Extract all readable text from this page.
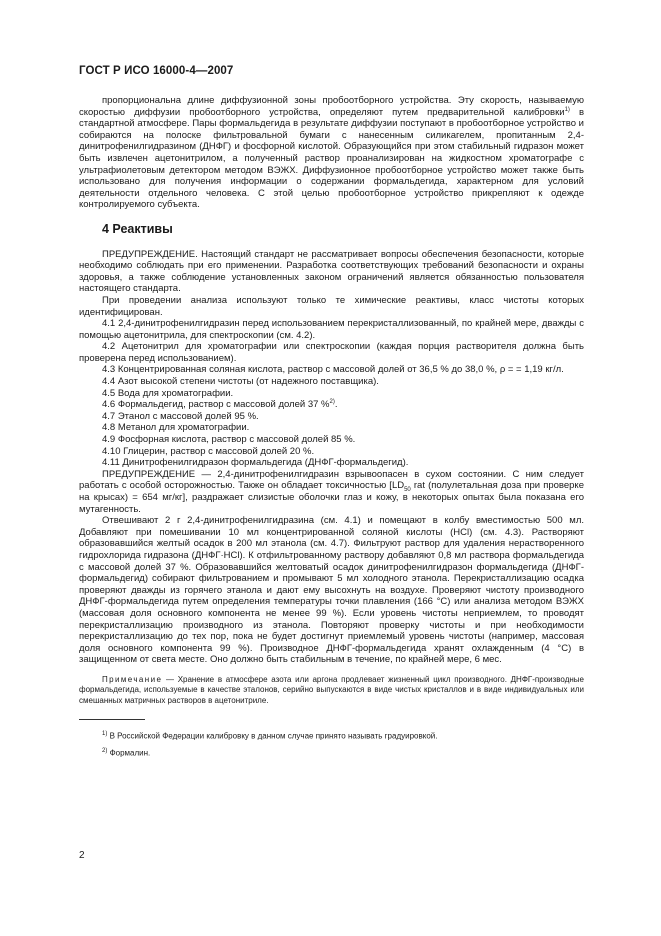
ГОСТ Р ИСО 16000-4—2007

пропорциональна длине диффузионной зоны пробоотборного устройства. Эту скорость, называемую скоростью диффузии пробоотборного устройства, определяют путем предварительной калибровки$^{1)}$ в стандартной атмосфере. Пары формальдегида в результате диффузии поступают в пробоотборное устройство и собираются на полоске фильтровальной бумаги с нанесенным силикагелем, пропитанным 2,4-динитрофенилгидразином (ДНФГ) и фосфорной кислотой. Образующийся при этом стабильный гидразон может быть извлечен ацетонитрилом, а полученный раствор проанализирован на жидкостном хроматографе с ультрафиолетовым детектором методом ВЭЖХ. Диффузионное пробоотборное устройство может также быть использовано для получения информации о содержании формальдегида, характерном для условий деятельности отдельного человека. С этой целью пробоотборное устройство прикрепляют к одежде контролируемого субъекта.

4 Реактивы

ПРЕДУПРЕЖДЕНИЕ. Настоящий стандарт не рассматривает вопросы обеспечения безопасности, которые необходимо соблюдать при его применении. Разработка соответствующих требований безопасности и охраны здоровья, а также соблюдение установленных законом ограничений является обязанностью пользователя настоящего стандарта.

При проведении анализа используют только те химические реактивы, класс чистоты которых идентифицирован.

4.1 2,4-динитрофенилгидразин перед использованием перекристаллизованный, по крайней мере, дважды с помощью ацетонитрила, для спектроскопии (см. 4.2).

4.2 Ацетонитрил для хроматографии или спектроскопии (каждая порция растворителя должна быть проверена перед использованием).

4.3 Концентрированная соляная кислота, раствор с массовой долей от 36,5 % до 38,0 %, ρ = = 1,19 кг/л.

4.4 Азот высокой степени чистоты (от надежного поставщика).

4.5 Вода для хроматографии.

4.6 Формальдегид, раствор с массовой долей 37 %$^{2)}$.

4.7 Этанол с массовой долей 95 %.

4.8 Метанол для хроматографии.

4.9 Фосфорная кислота, раствор с массовой долей 85 %.

4.10 Глицерин, раствор с массовой долей 20 %.

4.11 Динитрофенилгидразон формальдегида (ДНФГ-формальдегид).

ПРЕДУПРЕЖДЕНИЕ — 2,4-динитрофенилгидразин взрывоопасен в сухом состоянии. С ним следует работать с особой осторожностью. Также он обладает токсичностью [$LD_{50}$ rat (полулетальная доза при проверке на крысах) = 654 мг/кг], раздражает слизистые оболочки глаз и кожу, в некоторых опытах была показана его мутагенность.

Отвешивают 2 г 2,4-динитрофенилгидразина (см. 4.1) и помещают в колбу вместимостью 500 мл. Добавляют при помешивании 10 мл концентрированной соляной кислоты (HCl) (см. 4.3). Растворяют образовавшийся желтый осадок в 200 мл этанола (см. 4.7). Фильтруют раствор для удаления нерастворенного гидрохлорида гидразона (ДНФГ·HCl). К отфильтрованному раствору добавляют 0,8 мл раствора формальдегида с массовой долей 37 %. Образовавшийся желтоватый осадок динитрофенилгидразон формальдегида (ДНФГ-формальдегид) собирают фильтрованием и промывают 5 мл холодного этанола. Перекристаллизацию осадка проверяют дважды из горячего этанола и дают ему высохнуть на воздухе. Проверяют чистоту производного ДНФГ-формальдегида путем определения температуры точки плавления (166 °С) или анализа методом ВЭЖХ (массовая доля основного компонента не менее 99 %). Если уровень чистоты неприемлем, то проводят перекристаллизацию производного из этанола. Повторяют проверку чистоты и при необходимости перекристаллизацию до тех пор, пока не будет достигнут приемлемый уровень чистоты (например, массовая доля основного компонента 99 %). Производное ДНФГ-формальдегида хранят охлажденным (4 °С) в защищенном от света месте. Оно должно быть стабильным в течение, по крайней мере, 6 мес.

Примечание — Хранение в атмосфере азота или аргона продлевает жизненный цикл производного. ДНФГ-производные формальдегида, используемые в качестве эталонов, серийно выпускаются в виде чистых кристаллов и в виде индивидуальных или смешанных матричных растворов в ацетонитриле.
$^{1)}$ В Российской Федерации калибровку в данном случае принято называть градуировкой.
$^{2)}$ Формалин.
2
